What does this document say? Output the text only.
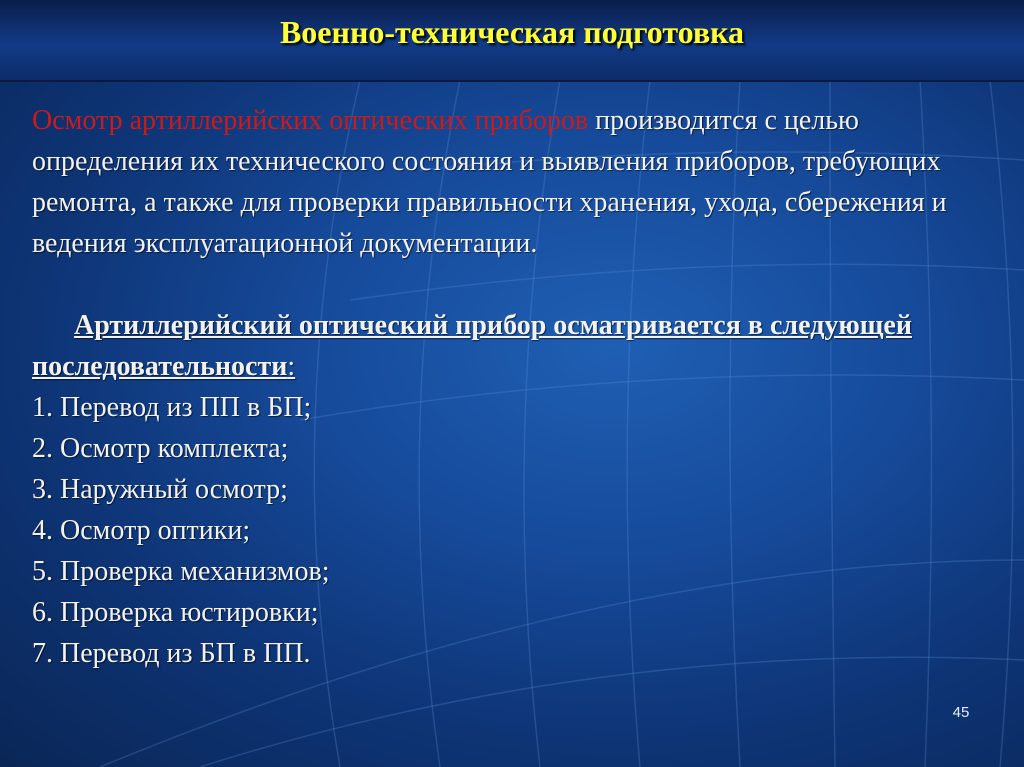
Военно-техническая подготовка

Осмотр артиллерийских оптических приборов производится с целью определения их технического состояния и выявления приборов, требующих ремонта, а также для проверки правильности хранения, ухода, сбережения и ведения эксплуатационной документации.

Артиллерийский оптический прибор осматривается в следующей последовательности:

1. Перевод из ПП в БП;
2. Осмотр комплекта;
3. Наружный осмотр;
4. Осмотр оптики;
5. Проверка механизмов;
6. Проверка юстировки;
7. Перевод из БП в ПП.
45
